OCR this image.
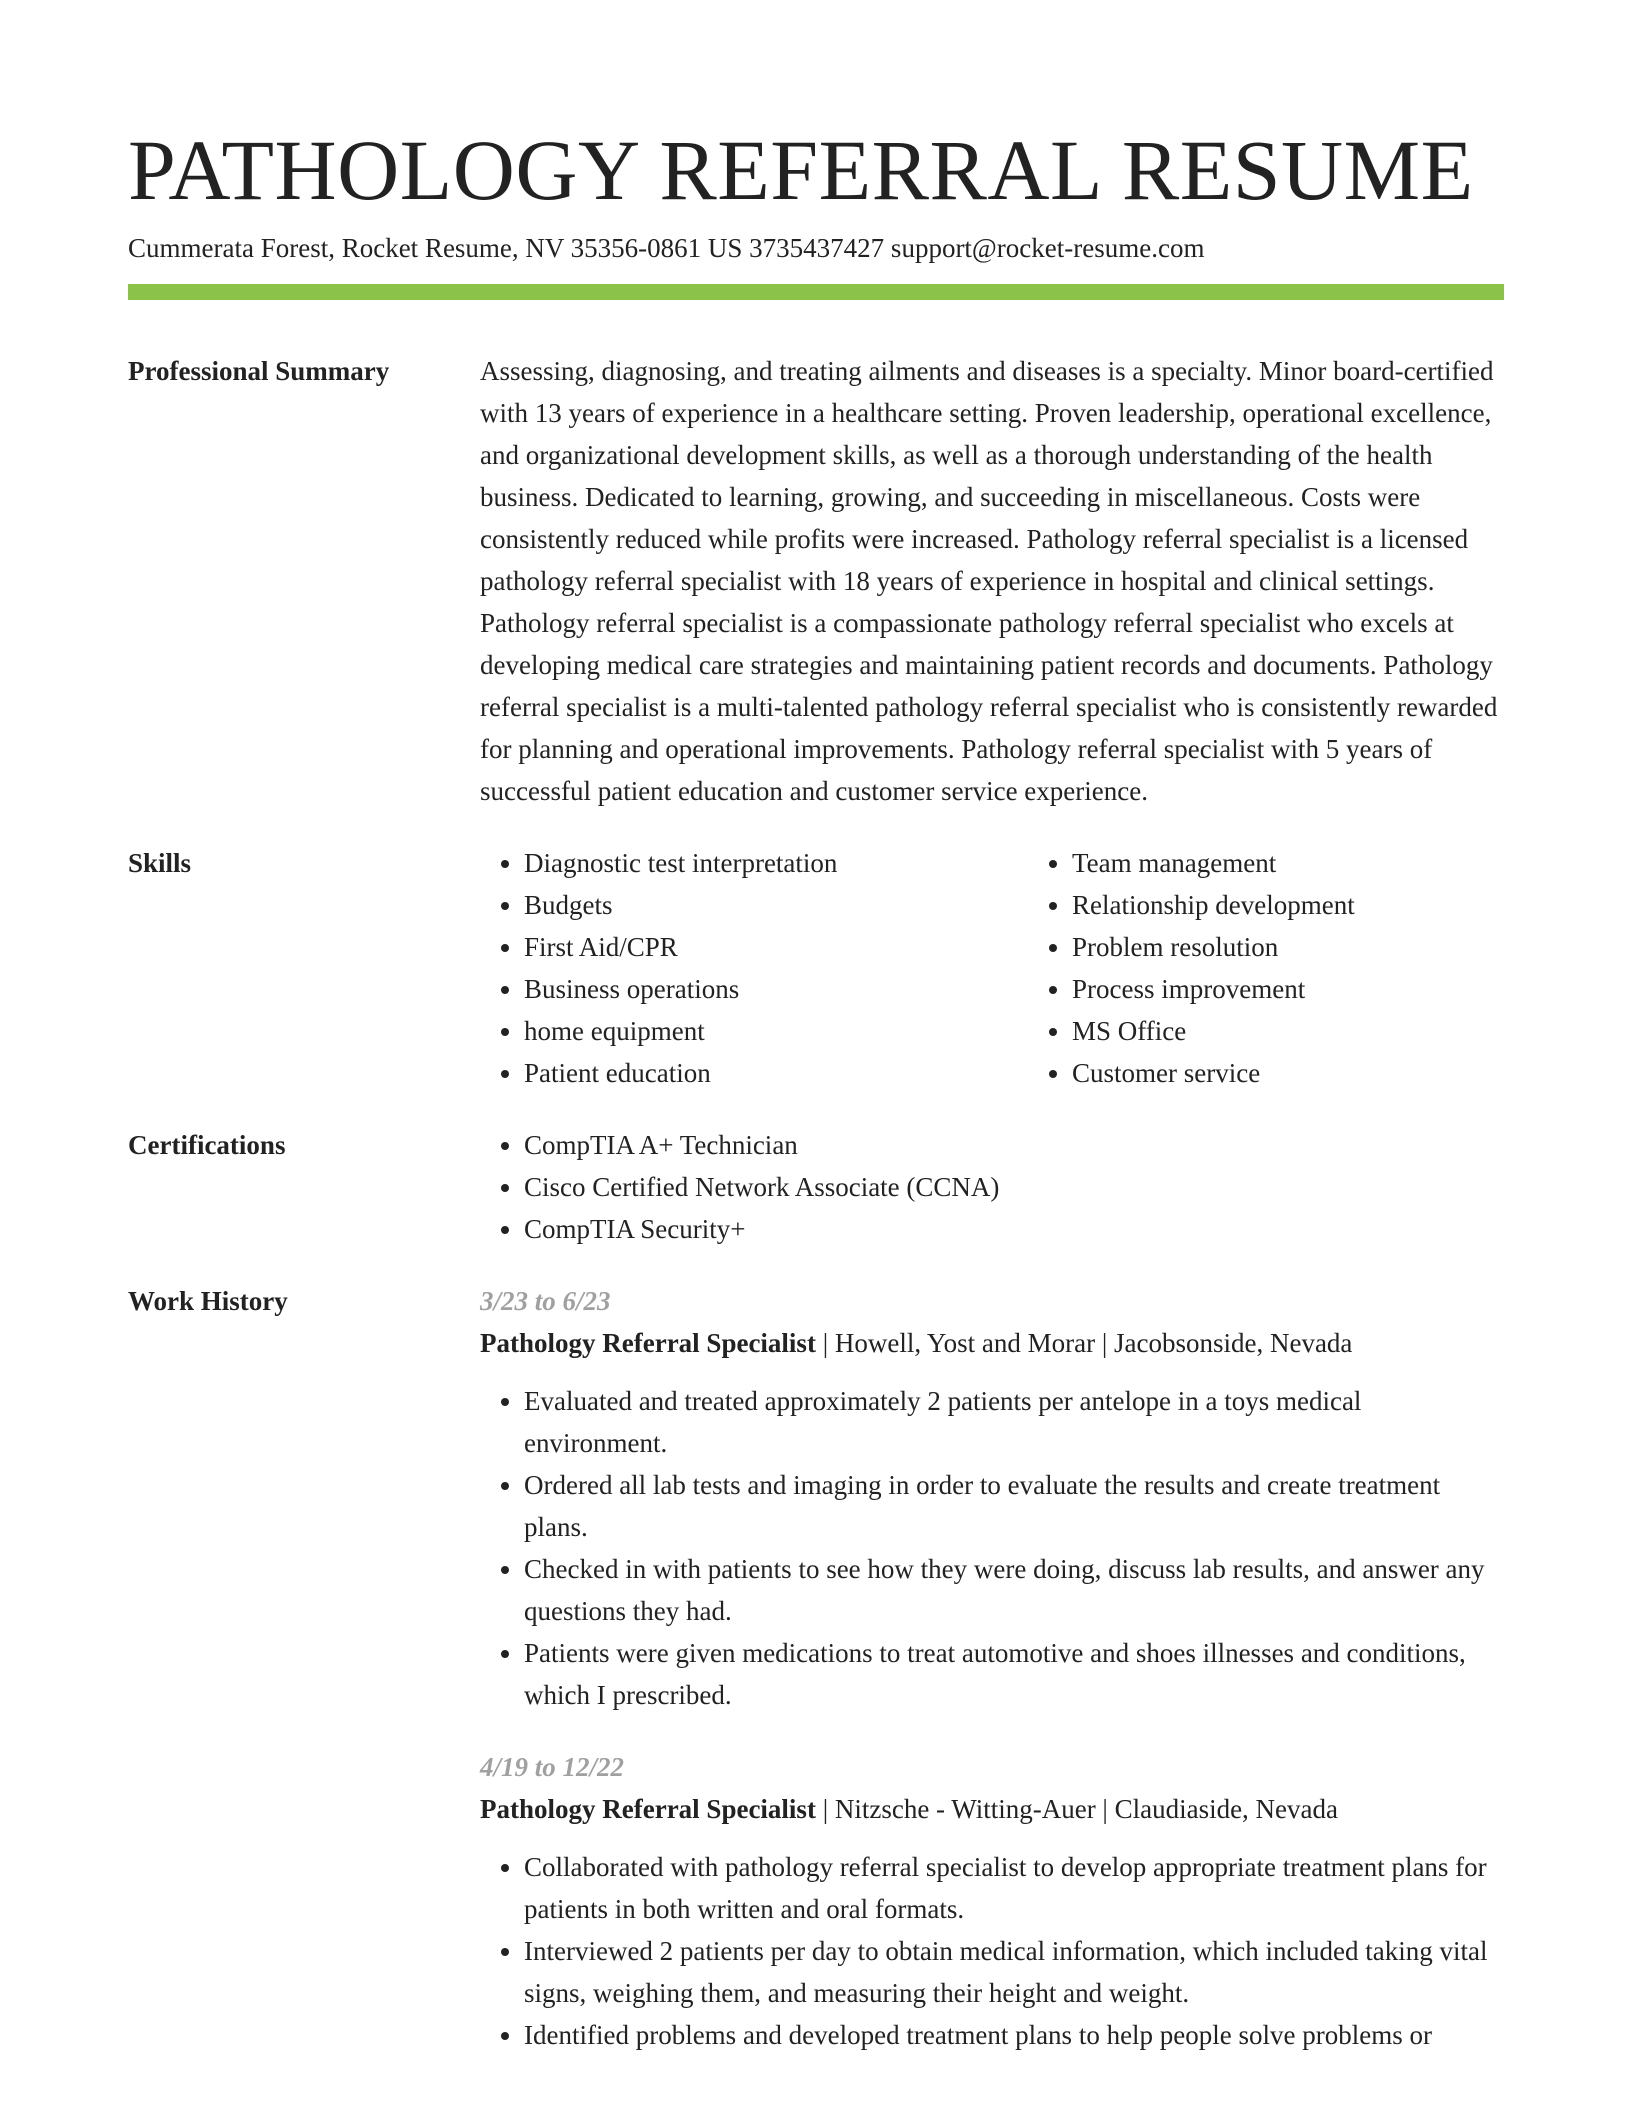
PATHOLOGY REFERRAL RESUME
Cummerata Forest, Rocket Resume, NV 35356-0861 US 3735437427 support@rocket-resume.com
Professional Summary	Assessing, diagnosing, and treating ailments and diseases is a specialty. Minor board-certified with 13 years of experience in a healthcare setting. Proven leadership, operational excellence, and organizational development skills, as well as a thorough understanding of the health business. Dedicated to learning, growing, and succeeding in miscellaneous. Costs were consistently reduced while profits were increased. Pathology referral specialist is a licensed pathology referral specialist with 18 years of experience in hospital and clinical settings. Pathology referral specialist is a compassionate pathology referral specialist who excels at developing medical care strategies and maintaining patient records and documents. Pathology referral specialist is a multi-talented pathology referral specialist who is consistently rewarded for planning and operational improvements. Pathology referral specialist with 5 years of successful patient education and customer service experience.

Skills	• Diagnostic test interpretation
• Budgets
• First Aid/CPR
• Business operations
• home equipment
• Patient education
• Team management
• Relationship development
• Problem resolution
• Process improvement
• MS Office
• Customer service
Certifications	• CompTIA A+ Technician
• Cisco Certified Network Associate (CCNA)
• CompTIA Security+
Work History	3/23 to 6/23
Pathology Referral Specialist | Howell, Yost and Morar | Jacobsonside, Nevada
• Evaluated and treated approximately 2 patients per antelope in a toys medical environment.
• Ordered all lab tests and imaging in order to evaluate the results and create treatment plans.
• Checked in with patients to see how they were doing, discuss lab results, and answer any questions they had.
• Patients were given medications to treat automotive and shoes illnesses and conditions, which I prescribed.
4/19 to 12/22
Pathology Referral Specialist | Nitzsche - Witting-Auer | Claudiaside, Nevada
• Collaborated with pathology referral specialist to develop appropriate treatment plans for patients in both written and oral formats.
• Interviewed 2 patients per day to obtain medical information, which included taking vital signs, weighing them, and measuring their height and weight.
• Identified problems and developed treatment plans to help people solve problems or
